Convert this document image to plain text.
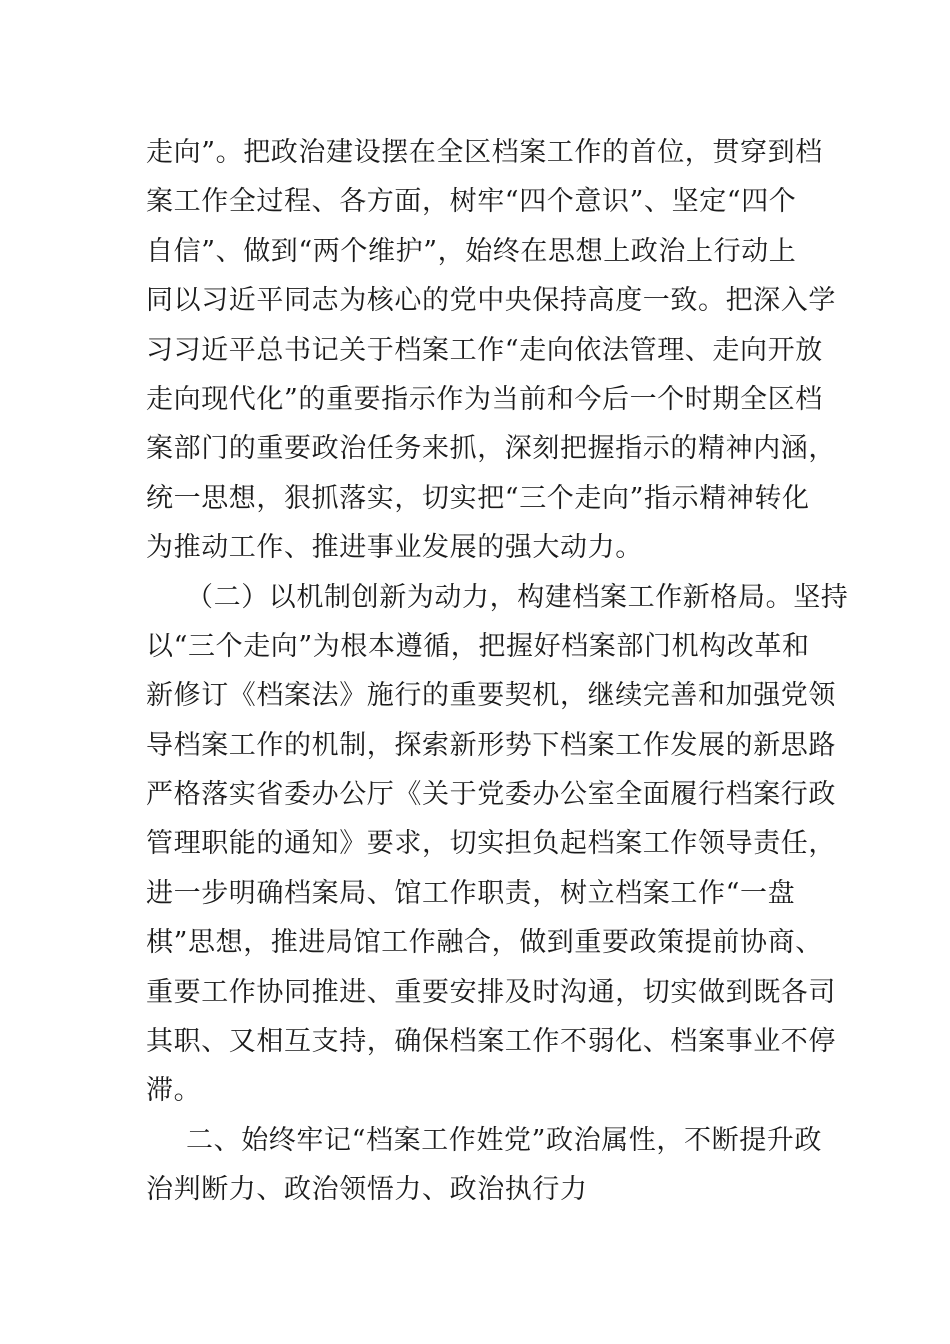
走向”。把政治建设摆在全区档案工作的首位，贯穿到档
案工作全过程、各方面，树牢“四个意识”、坚定“四个
自信”、做到“两个维护”，始终在思想上政治上行动上
同以习近平同志为核心的党中央保持高度一致。把深入学
习习近平总书记关于档案工作“走向依法管理、走向开放
走向现代化”的重要指示作为当前和今后一个时期全区档
案部门的重要政治任务来抓，深刻把握指示的精神内涵，
统一思想，狠抓落实，切实把“三个走向”指示精神转化
为推动工作、推进事业发展的强大动力。
（二）以机制创新为动力，构建档案工作新格局。坚持
以“三个走向”为根本遵循，把握好档案部门机构改革和
新修订《档案法》施行的重要契机，继续完善和加强党领
导档案工作的机制，探索新形势下档案工作发展的新思路
严格落实省委办公厅《关于党委办公室全面履行档案行政
管理职能的通知》要求，切实担负起档案工作领导责任，
进一步明确档案局、馆工作职责，树立档案工作“一盘
棋”思想，推进局馆工作融合，做到重要政策提前协商、
重要工作协同推进、重要安排及时沟通，切实做到既各司
其职、又相互支持，确保档案工作不弱化、档案事业不停
滞。
二、始终牢记“档案工作姓党”政治属性，不断提升政
治判断力、政治领悟力、政治执行力
